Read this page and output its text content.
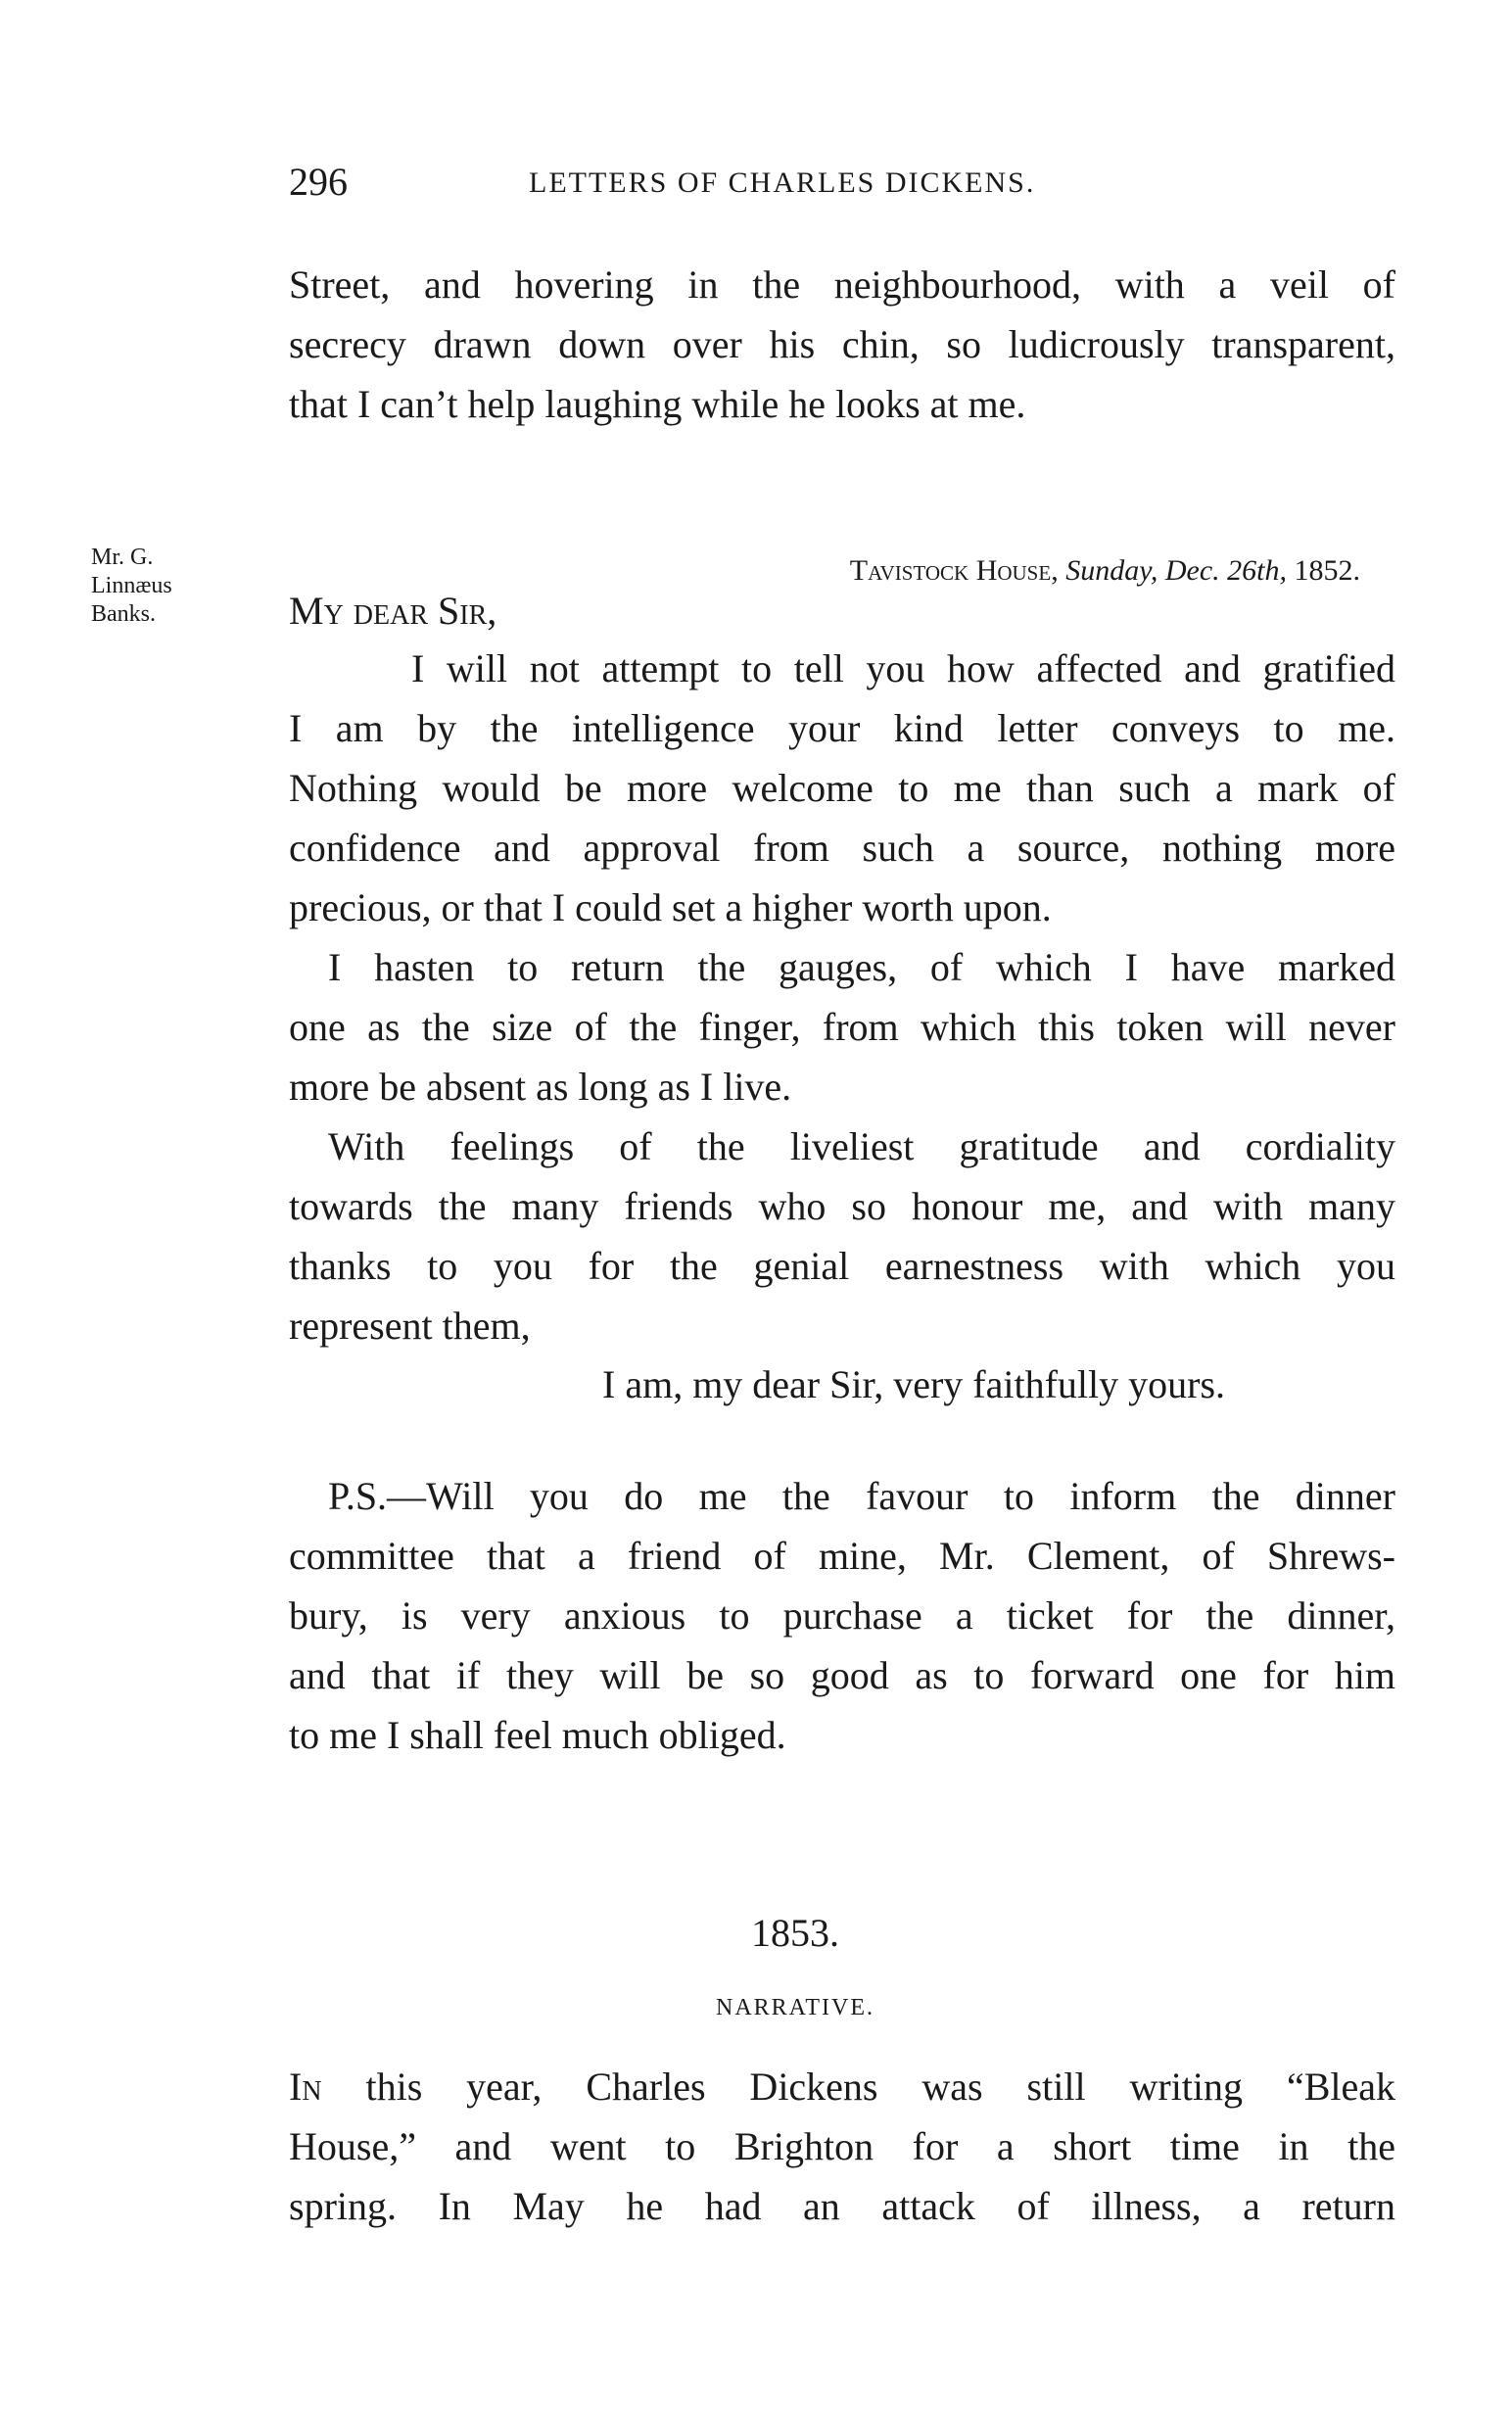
296	LETTERS OF CHARLES DICKENS.
Street, and hovering in the neighbourhood, with a veil of
secrecy drawn down over his chin, so ludicrously transparent,
that I can’t help laughing while he looks at me.
Mr. G.
Linnæus
Banks.
Tavistock House, Sunday, Dec. 26th, 1852.
My dear Sir,
I will not attempt to tell you how affected and gratified
I am by the intelligence your kind letter conveys to me.
Nothing would be more welcome to me than such a mark of
confidence and approval from such a source, nothing more
precious, or that I could set a higher worth upon.
I hasten to return the gauges, of which I have marked
one as the size of the finger, from which this token will never
more be absent as long as I live.
With feelings of the liveliest gratitude and cordiality
towards the many friends who so honour me, and with many
thanks to you for the genial earnestness with which you
represent them,
I am, my dear Sir, very faithfully yours.
P.S.—Will you do me the favour to inform the dinner
committee that a friend of mine, Mr. Clement, of Shrews-
bury, is very anxious to purchase a ticket for the dinner,
and that if they will be so good as to forward one for him
to me I shall feel much obliged.
1853.
NARRATIVE.
In this year, Charles Dickens was still writing “Bleak
House,” and went to Brighton for a short time in the
spring. In May he had an attack of illness, a return
